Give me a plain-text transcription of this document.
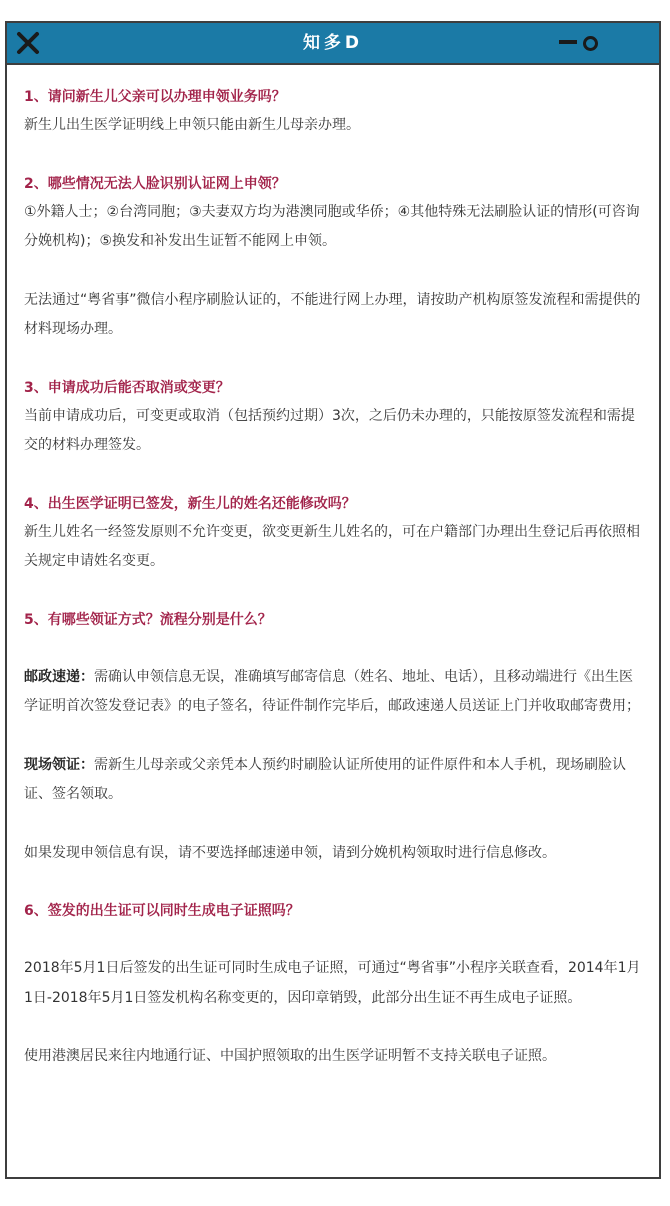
知多D

1、请问新生儿父亲可以办理申领业务吗？

新生儿出生医学证明线上申领只能由新生儿母亲办理。

2、哪些情况无法人脸识别认证网上申领？

①外籍人士；②台湾同胞；③夫妻双方均为港澳同胞或华侨；④其他特殊无法刷脸认证的情形(可咨询分娩机构)；⑤换发和补发出生证暂不能网上申领。

无法通过“粤省事”微信小程序刷脸认证的，不能进行网上办理，请按助产机构原签发流程和需提供的材料现场办理。

3、申请成功后能否取消或变更？

当前申请成功后，可变更或取消（包括预约过期）3次，之后仍未办理的，只能按原签发流程和需提交的材料办理签发。

4、出生医学证明已签发，新生儿的姓名还能修改吗？

新生儿姓名一经签发原则不允许变更，欲变更新生儿姓名的，可在户籍部门办理出生登记后再依照相关规定申请姓名变更。

5、有哪些领证方式？流程分别是什么？

邮政速递：需确认申领信息无误，准确填写邮寄信息（姓名、地址、电话），且移动端进行《出生医学证明首次签发登记表》的电子签名，待证件制作完毕后，邮政速递人员送证上门并收取邮寄费用；

现场领证：需新生儿母亲或父亲凭本人预约时刷脸认证所使用的证件原件和本人手机，现场刷脸认证、签名领取。

如果发现申领信息有误，请不要选择邮速递申领，请到分娩机构领取时进行信息修改。

6、签发的出生证可以同时生成电子证照吗？

2018年5月1日后签发的出生证可同时生成电子证照，可通过“粤省事”小程序关联查看，2014年1月1日-2018年5月1日签发机构名称变更的，因印章销毁，此部分出生证不再生成电子证照。

使用港澳居民来往内地通行证、中国护照领取的出生医学证明暂不支持关联电子证照。
